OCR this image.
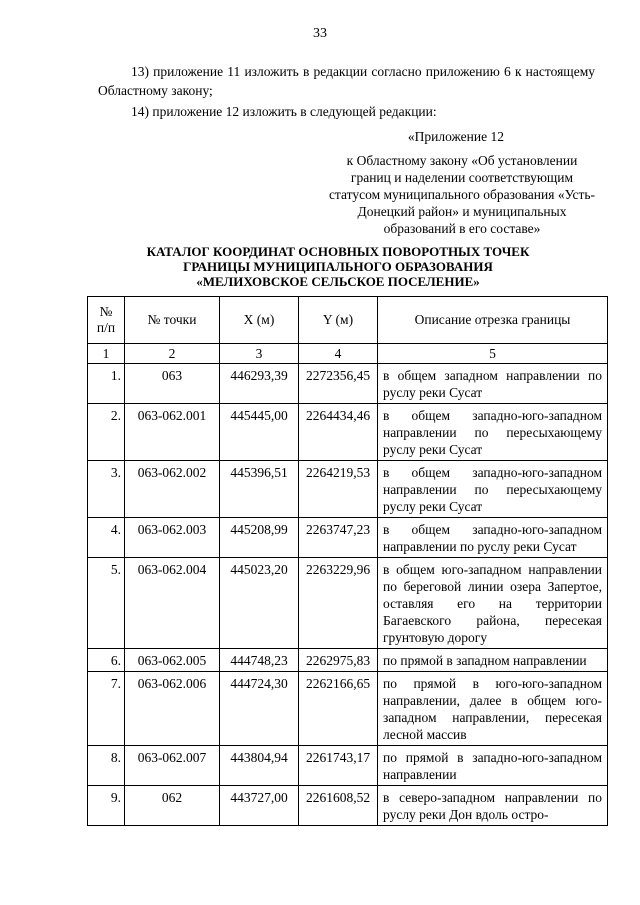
33
13) приложение 11 изложить в редакции согласно приложению 6 к настоящему Областному закону;
14) приложение 12 изложить в следующей редакции:
«Приложение 12
к Областному закону «Об установлении границ и наделении соответствующим статусом муниципального образования «Усть-Донецкий район» и муниципальных образований в его составе»
КАТАЛОГ КООРДИНАТ ОСНОВНЫХ ПОВОРОТНЫХ ТОЧЕК
ГРАНИЦЫ МУНИЦИПАЛЬНОГО ОБРАЗОВАНИЯ
«МЕЛИХОВСКОЕ СЕЛЬСКОЕ ПОСЕЛЕНИЕ»
№
п/п	№ точки	X (м)	Y (м)	Описание отрезка границы
1	2	3	4	5
1.	063	446293,39	2272356,45	в общем западном направлении по руслу реки Сусат
2.	063-062.001	445445,00	2264434,46	в общем западно-юго-западном направлении по пересыхающему руслу реки Сусат
3.	063-062.002	445396,51	2264219,53	в общем западно-юго-западном направлении по пересыхающему руслу реки Сусат
4.	063-062.003	445208,99	2263747,23	в общем западно-юго-западном направлении по руслу реки Сусат
5.	063-062.004	445023,20	2263229,96	в общем юго-западном направлении по береговой линии озера Запертое, оставляя его на территории Багаевского района, пересекая грунтовую дорогу
6.	063-062.005	444748,23	2262975,83	по прямой в западном направлении
7.	063-062.006	444724,30	2262166,65	по прямой в юго-юго-западном направлении, далее в общем юго-западном направлении, пересекая лесной массив
8.	063-062.007	443804,94	2261743,17	по прямой в западно-юго-западном направлении
9.	062	443727,00	2261608,52	в северо-западном направлении по руслу реки Дон вдоль остро-
